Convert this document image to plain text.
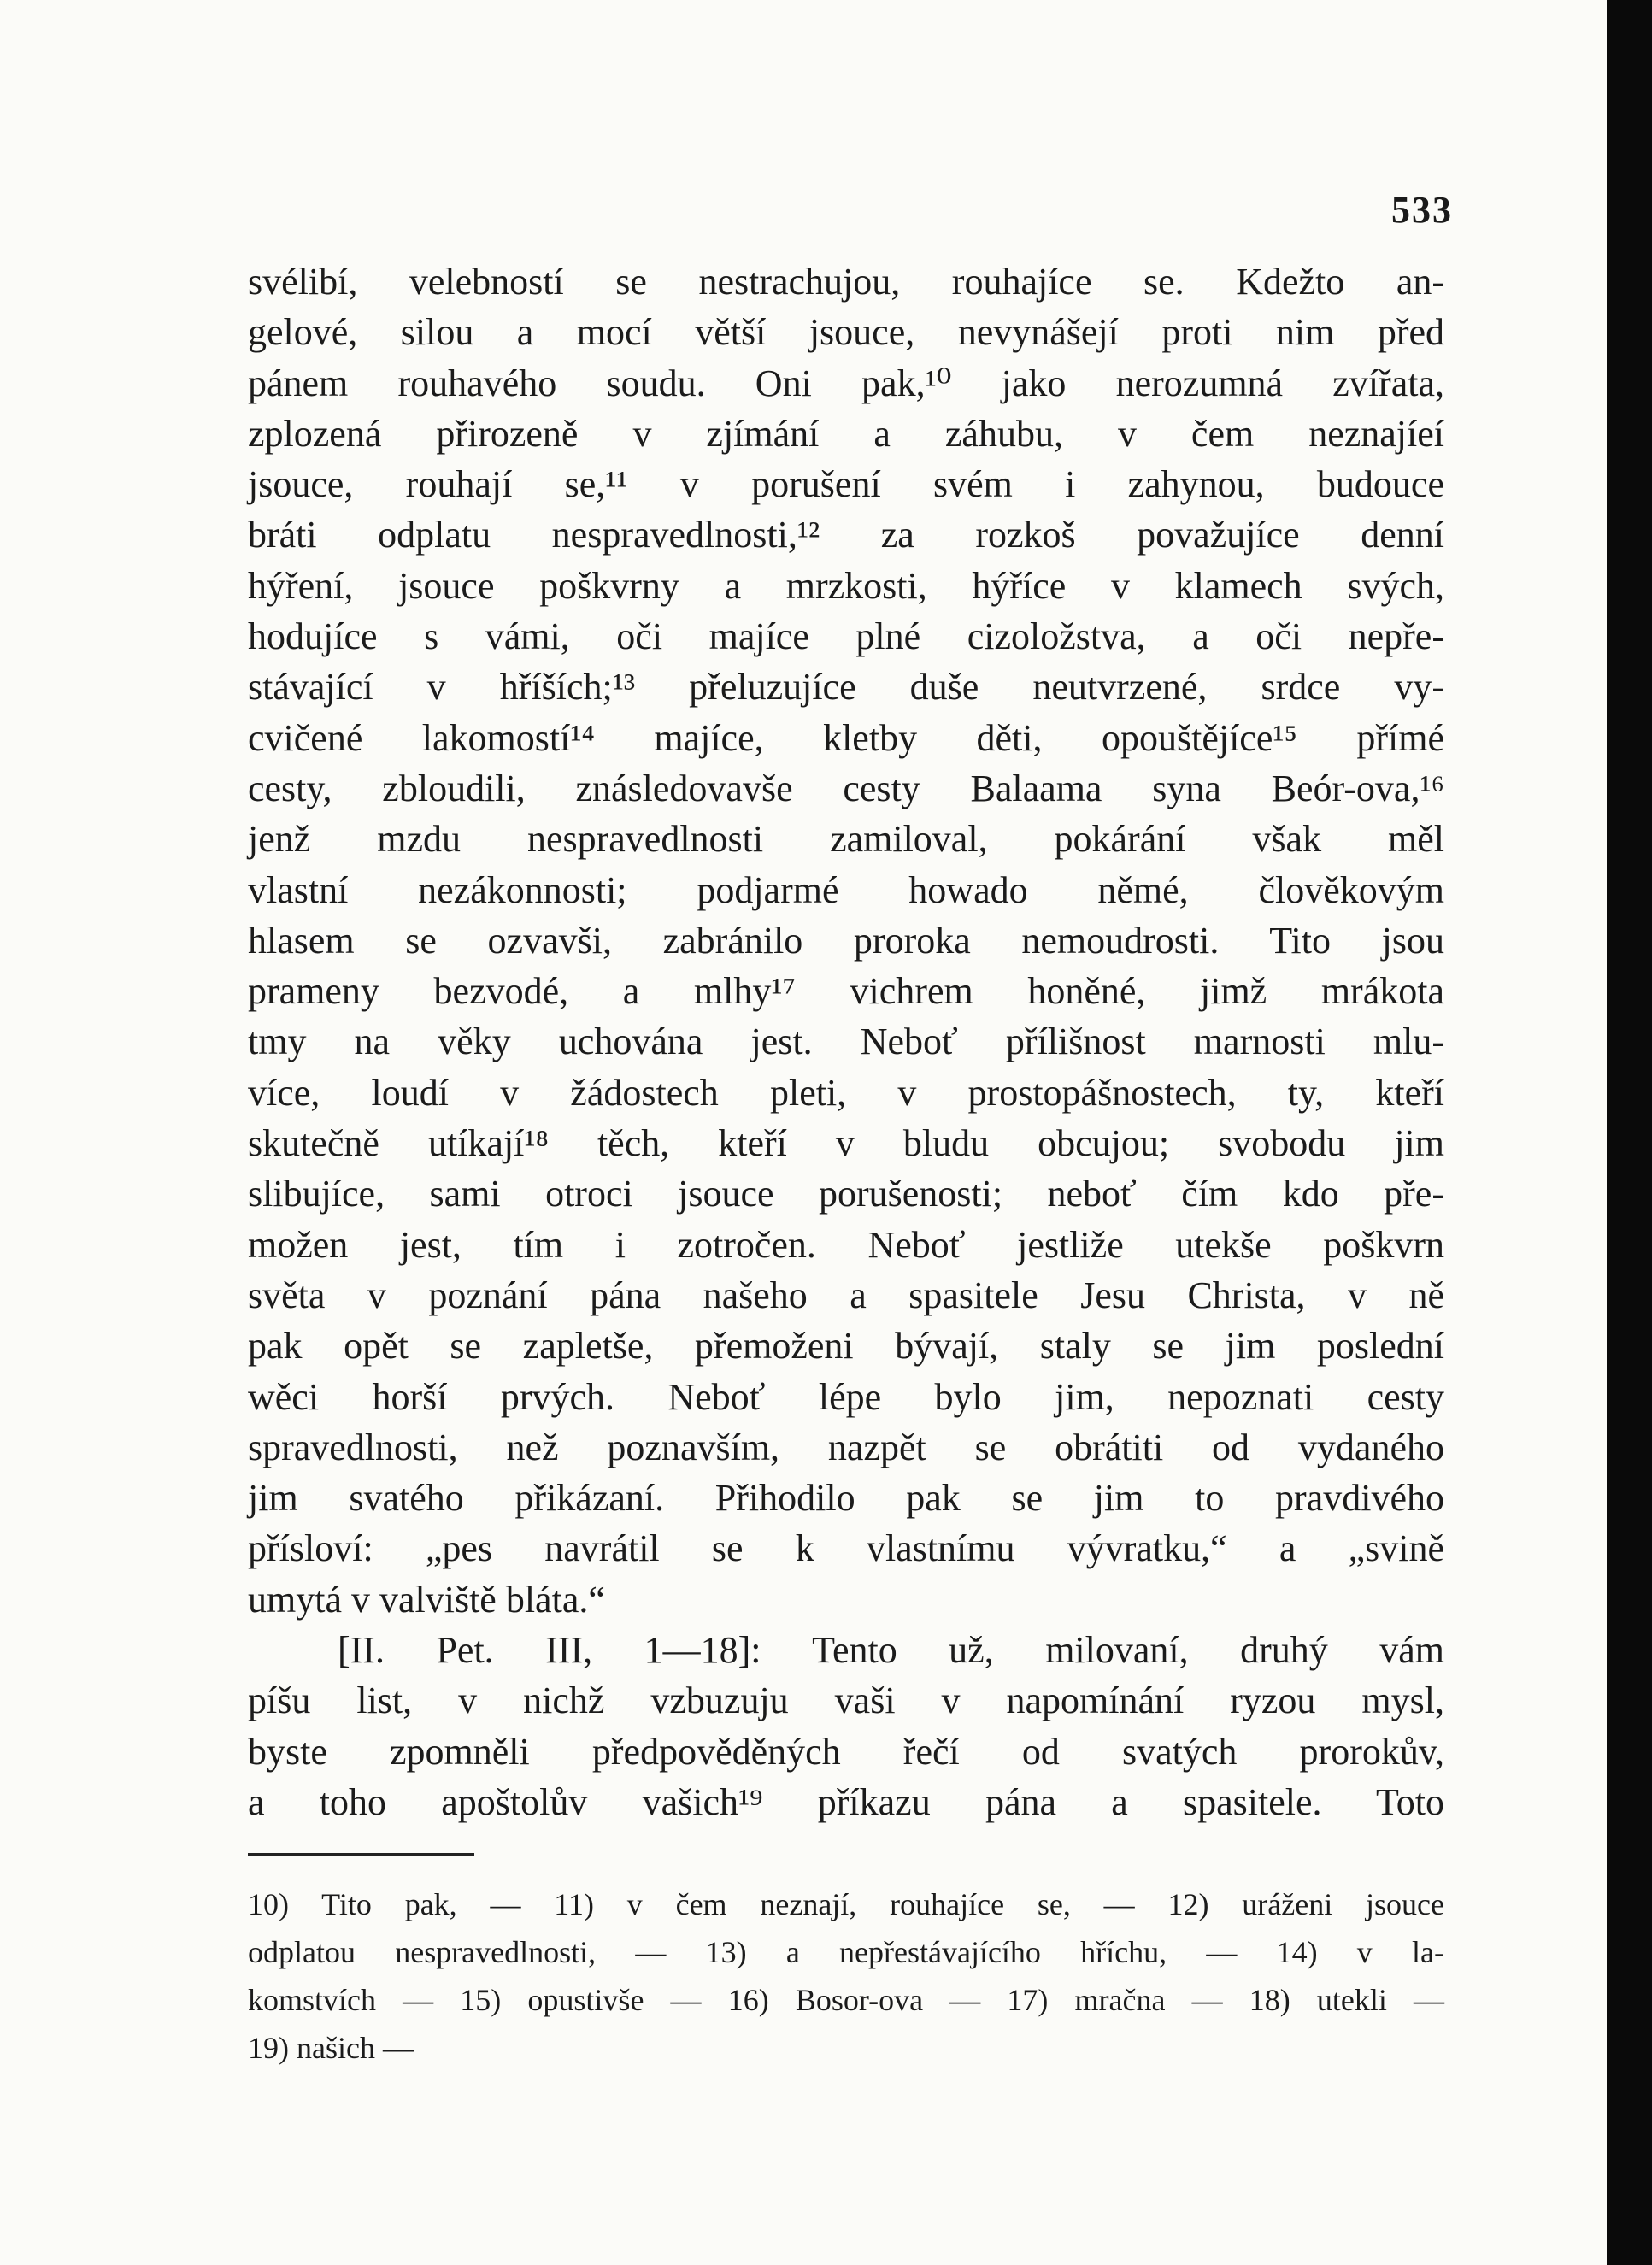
533
svélibí, velebností se nestrachujou, rouhajíce se. Kdežto an-
gelové, silou a mocí větší jsouce, nevynášejí proti nim před
pánem rouhavého soudu. Oni pak,¹⁰ jako nerozumná zvířata,
zplozená přirozeně v zjímání a záhubu, v čem neznajíeí
jsouce, rouhají se,¹¹ v porušení svém i zahynou, budouce
bráti odplatu nespravedlnosti,¹² za rozkoš považujíce denní
hýření, jsouce poškvrny a mrzkosti, hýříce v klamech svých,
hodujíce s vámi, oči majíce plné cizoložstva, a oči nepře-
stávající v hříších;¹³ přeluzujíce duše neutvrzené, srdce vy-
cvičené lakomostí¹⁴ majíce, kletby děti, opouštějíce¹⁵ přímé
cesty, zbloudili, znásledovavše cesty Balaama syna Beór-ova,¹⁶
jenž mzdu nespravedlnosti zamiloval, pokárání však měl
vlastní nezákonnosti; podjarmé howado němé, člověkovým
hlasem se ozvavši, zabránilo proroka nemoudrosti. Tito jsou
prameny bezvodé, a mlhy¹⁷ vichrem honěné, jimž mrákota
tmy na věky uchována jest. Neboť přílišnost marnosti mlu-
více, loudí v žádostech pleti, v prostopášnostech, ty, kteří
skutečně utíkají¹⁸ těch, kteří v bludu obcujou; svobodu jim
slibujíce, sami otroci jsouce porušenosti; neboť čím kdo pře-
možen jest, tím i zotročen. Neboť jestliže utekše poškvrn
světa v poznání pána našeho a spasitele Jesu Christa, v ně
pak opět se zapletše, přemoženi bývají, staly se jim poslední
wěci horší prvých. Neboť lépe bylo jim, nepoznati cesty
spravedlnosti, než poznavším, nazpět se obrátiti od vydaného
jim svatého přikázaní. Přihodilo pak se jim to pravdivého
přísloví: „pes navrátil se k vlastnímu vývratku,“ a „svině
umytá v valviště bláta.“
[II. Pet. III, 1—18]: Tento už, milovaní, druhý vám
píšu list, v nichž vzbuzuju vaši v napomínání ryzou mysl,
byste zpomněli předpověděných řečí od svatých prorokův,
a toho apoštolův vašich¹⁹ příkazu pána a spasitele. Toto
10) Tito pak, — 11) v čem neznají, rouhajíce se, — 12) uráženi jsouce
odplatou nespravedlnosti, — 13) a nepřestávajícího hříchu, — 14) v la-
komstvích — 15) opustivše — 16) Bosor-ova — 17) mračna — 18) utekli —
19) našich —
